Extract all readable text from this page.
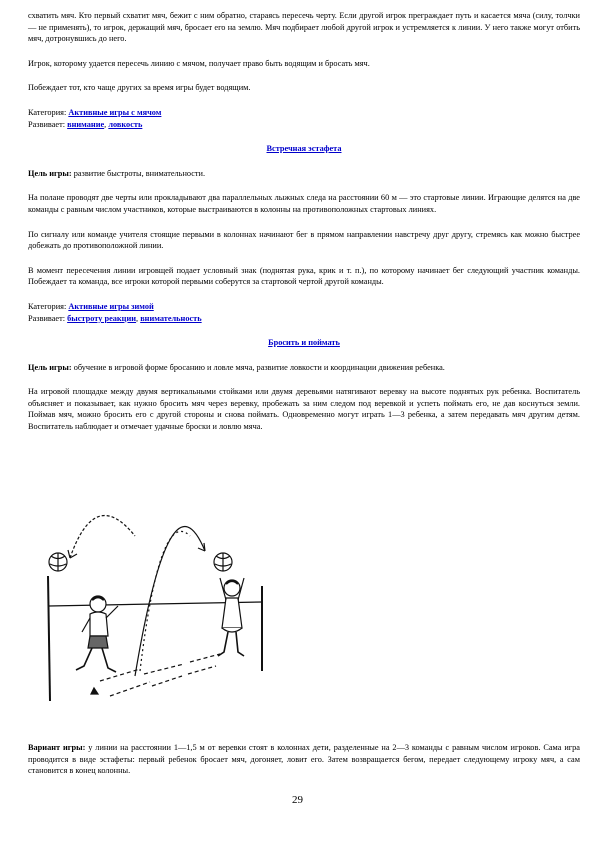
схватить мяч. Кто первый схватит мяч, бежит с ним обратно, стараясь пересечь черту. Если другой игрок преграждает путь и касается мяча (силу, толчки — не применять), то игрок, держащий мяч, бросает его на землю. Мяч подбирает любой другой игрок и устремляется к линии. У него также могут отбить мяч, дотронувшись до него.

Игрок, которому удается пересечь линию с мячом, получает право быть водящим и бросать мяч.

Побеждает тот, кто чаще других за время игры будет водящим.

Категория: Активные игры с мячом

Развивает: внимание, ловкость

Встречная эстафета

Цель игры: развитие быстроты, внимательности.

На полане проводят две черты или прокладывают два параллельных лыжных следа на расстоянии 60 м — это стартовые линии. Играющие делятся на две команды с равным числом участников, которые выстраиваются в колонны на противоположных стартовых линиях.

По сигналу или команде учителя стоящие первыми в колоннах начинают бег в прямом направлении навстречу друг другу, стремясь как можно быстрее добежать до противоположной линии.

В момент пересечения линии игровщей подает условный знак (поднятая рука, крик и т. п.), по которому начинает бег следующий участник команды. Побеждает та команда, все игроки которой первыми соберутся за стартовой чертой другой команды.

Категория: Активные игры зимой

Развивает: быстроту реакции, внимательность

Бросить и поймать

Цель игры: обучение в игровой форме бросанию и ловле мяча, развитие ловкости и координации движения ребенка.

На игровой площадке между двумя вертикальными стойками или двумя деревьями натягивают веревку на высоте поднятых рук ребенка. Воспитатель объясняет и показывает, как нужно бросить мяч через веревку, пробежать за ним следом под веревкой и успеть поймать его, не дав коснуться земли. Поймав мяч, можно бросить его с другой стороны и снова поймать. Одновременно могут играть 1—3 ребенка, а затем передавать мяч другим детям. Воспитатель наблюдает и отмечает удачные броски и ловлю мяча.

Вариант игры: у линии на расстоянии 1—1,5 м от веревки стоят в колоннах дети, разделенные на 2—3 команды с равным числом игроков. Сама игра проводится в виде эстафеты: первый ребенок бросает мяч, догоняет, ловит его. Затем возвращается бегом, передает следующему игроку мяч, а сам становится в конец колонны.

29
